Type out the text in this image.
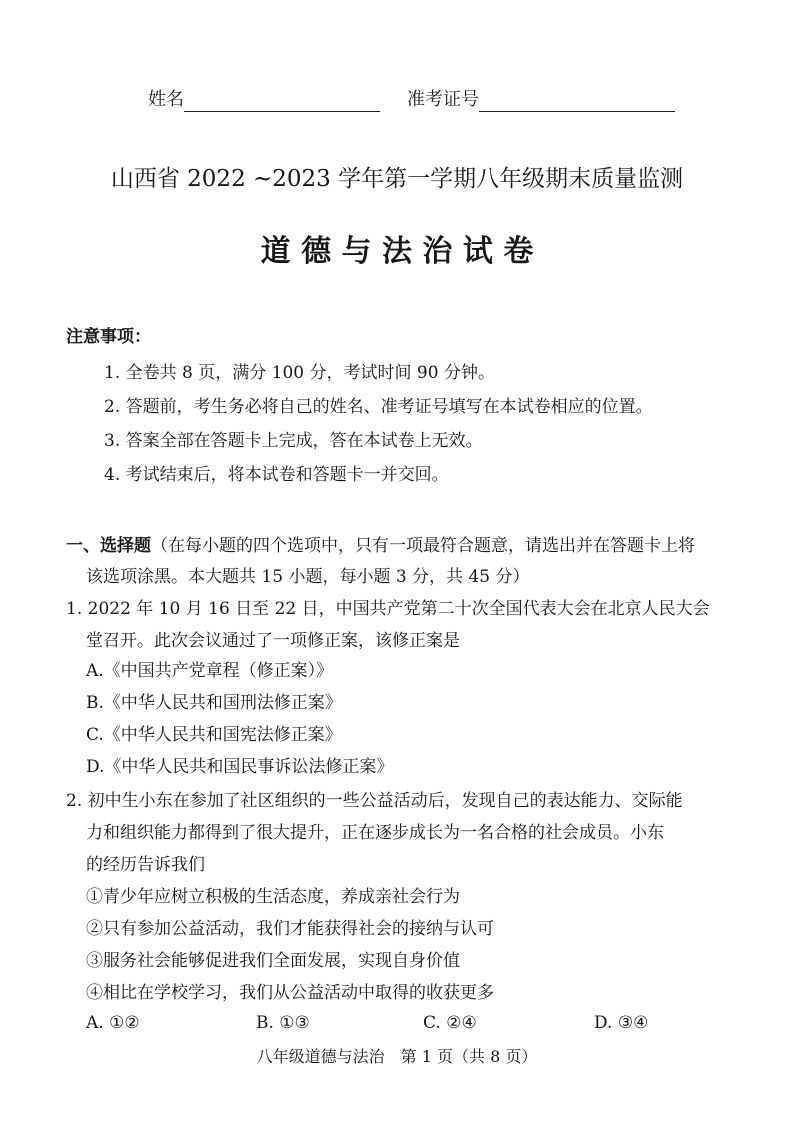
姓名	准考证号
山西省 2022 ~2023 学年第一学期八年级期末质量监测
道 德 与 法 治 试 卷
注意事项：
1. 全卷共 8 页，满分 100 分，考试时间 90 分钟。
2. 答题前，考生务必将自己的姓名、准考证号填写在本试卷相应的位置。
3. 答案全部在答题卡上完成，答在本试卷上无效。
4. 考试结束后，将本试卷和答题卡一并交回。
一、选择题（在每小题的四个选项中，只有一项最符合题意，请选出并在答题卡上将
该选项涂黑。本大题共 15 小题，每小题 3 分，共 45 分）
1. 2022 年 10 月 16 日至 22 日，中国共产党第二十次全国代表大会在北京人民大会
堂召开。此次会议通过了一项修正案，该修正案是
A.《中国共产党章程（修正案）》
B.《中华人民共和国刑法修正案》
C.《中华人民共和国宪法修正案》
D.《中华人民共和国民事诉讼法修正案》
2. 初中生小东在参加了社区组织的一些公益活动后，发现自己的表达能力、交际能
力和组织能力都得到了很大提升，正在逐步成长为一名合格的社会成员。小东
的经历告诉我们
①青少年应树立积极的生活态度，养成亲社会行为
②只有参加公益活动，我们才能获得社会的接纳与认可
③服务社会能够促进我们全面发展，实现自身价值
④相比在学校学习，我们从公益活动中取得的收获更多
A. ①②	B. ①③	C. ②④	D. ③④
八年级道德与法治　第 1 页（共 8 页）
